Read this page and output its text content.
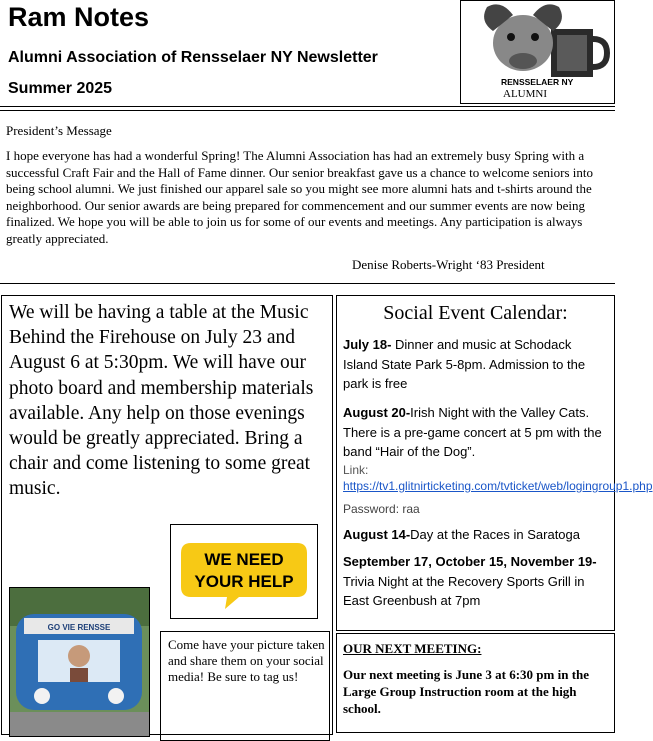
Ram Notes
Alumni Association of Rensselaer NY Newsletter
Summer 2025	RENSSELAER NY
ALUMNI
President’s Message
I hope everyone has had a wonderful Spring! The Alumni Association has had an extremely busy Spring with a successful Craft Fair and the Hall of Fame dinner. Our senior breakfast gave us a chance to welcome seniors into being school alumni. We just finished our apparel sale so you might see more alumni hats and t-shirts around the neighborhood. Our senior awards are being prepared for commencement and our summer events are now being finalized. We hope you will be able to join us for some of our events and meetings. Any participation is always greatly appreciated.
Denise Roberts-Wright ‘83 President
We will be having a table at the Music Behind the Firehouse on July 23 and August 6 at 5:30pm. We will have our photo board and membership materials available. Any help on those evenings would be greatly appreciated. Bring a chair and come listening to some great music.
WE NEED
YOUR HELP
GO VIE RENSSE
Come have your picture taken and share them on your social media! Be sure to tag us!
Social Event Calendar:
July 18- Dinner and music at Schodack Island State Park 5-8pm. Admission to the park is free
August 20-Irish Night with the Valley Cats. There is a pre-game concert at 5 pm with the band “Hair of the Dog”.
Link: https://tv1.glitnirticketing.com/tvticket/web/logingroup1.php
Password: raa
August 14-Day at the Races in Saratoga
September 17, October 15, November 19- Trivia Night at the Recovery Sports Grill in East Greenbush at 7pm
OUR NEXT MEETING:
Our next meeting is June 3 at 6:30 pm in the Large Group Instruction room at the high school.
